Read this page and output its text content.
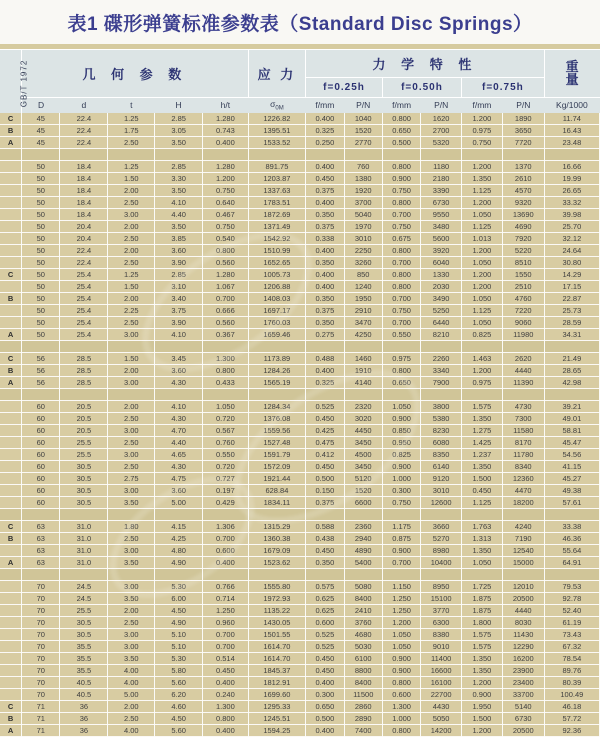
表1 碟形弹簧标准参数表（Standard Disc Springs）
GB/T 1972	几 何 参 数					应 力	力 学 特 性						重
量

							f=0.25h		f=0.50h		f=0.75h		
	D	d	t	H	h/t	$\sigma_{0M}$	f/mm	P/N	f/mm	P/N	f/mm	P/N	Kg/1000
C	45	22.4	1.25	2.85	1.280	1226.82	0.400	1040	0.800	1620	1.200	1890	11.74
B	45	22.4	1.75	3.05	0.743	1395.51	0.325	1520	0.650	2700	0.975	3650	16.43
A	45	22.4	2.50	3.50	0.400	1533.52	0.250	2770	0.500	5320	0.750	7720	23.48

	50	18.4	1.25	2.85	1.280	891.75	0.400	760	0.800	1180	1.200	1370	16.66
	50	18.4	1.50	3.30	1.200	1203.87	0.450	1380	0.900	2180	1.350	2610	19.99
	50	18.4	2.00	3.50	0.750	1337.63	0.375	1920	0.750	3390	1.125	4570	26.65
	50	18.4	2.50	4.10	0.640	1783.51	0.400	3700	0.800	6730	1.200	9320	33.32
	50	18.4	3.00	4.40	0.467	1872.69	0.350	5040	0.700	9550	1.050	13690	39.98
	50	20.4	2.00	3.50	0.750	1371.49	0.375	1970	0.750	3480	1.125	4690	25.70
	50	20.4	2.50	3.85	0.540	1542.92	0.338	3010	0.675	5600	1.013	7920	32.12
	50	22.4	2.00	3.60	0.800	1510.99	0.400	2250	0.800	3920	1.200	5220	24.64
	50	22.4	2.50	3.90	0.560	1652.65	0.350	3260	0.700	6040	1.050	8510	30.80
C	50	25.4	1.25	2.85	1.280	1005.73	0.400	850	0.800	1330	1.200	1550	14.29
	50	25.4	1.50	3.10	1.067	1206.88	0.400	1240	0.800	2030	1.200	2510	17.15
B	50	25.4	2.00	3.40	0.700	1408.03	0.350	1950	0.700	3490	1.050	4760	22.87
	50	25.4	2.25	3.75	0.666	1697.17	0.375	2910	0.750	5250	1.125	7220	25.73
	50	25.4	2.50	3.90	0.560	1760.03	0.350	3470	0.700	6440	1.050	9060	28.59
A	50	25.4	3.00	4.10	0.367	1659.46	0.275	4250	0.550	8210	0.825	11980	34.31

C	56	28.5	1.50	3.45	1.300	1173.89	0.488	1460	0.975	2260	1.463	2620	21.49
B	56	28.5	2.00	3.60	0.800	1284.26	0.400	1910	0.800	3340	1.200	4440	28.65
A	56	28.5	3.00	4.30	0.433	1565.19	0.325	4140	0.650	7900	0.975	11390	42.98

	60	20.5	2.00	4.10	1.050	1284.34	0.525	2320	1.050	3800	1.575	4730	39.21
	60	20.5	2.50	4.30	0.720	1376.08	0.450	3020	0.900	5380	1.350	7300	49.01
	60	20.5	3.00	4.70	0.567	1559.56	0.425	4450	0.850	8230	1.275	11580	58.81
	60	25.5	2.50	4.40	0.760	1527.48	0.475	3450	0.950	6080	1.425	8170	45.47
	60	25.5	3.00	4.65	0.550	1591.79	0.412	4500	0.825	8350	1.237	11780	54.56
	60	30.5	2.50	4.30	0.720	1572.09	0.450	3450	0.900	6140	1.350	8340	41.15
	60	30.5	2.75	4.75	0.727	1921.44	0.500	5120	1.000	9120	1.500	12360	45.27
	60	30.5	3.00	3.60	0.197	628.84	0.150	1520	0.300	3010	0.450	4470	49.38
	60	30.5	3.50	5.00	0.429	1834.11	0.375	6600	0.750	12600	1.125	18200	57.61

C	63	31.0	1.80	4.15	1.306	1315.29	0.588	2360	1.175	3660	1.763	4240	33.38
B	63	31.0	2.50	4.25	0.700	1360.38	0.438	2940	0.875	5270	1.313	7190	46.36
	63	31.0	3.00	4.80	0.600	1679.09	0.450	4890	0.900	8980	1.350	12540	55.64
A	63	31.0	3.50	4.90	0.400	1523.62	0.350	5400	0.700	10400	1.050	15000	64.91

	70	24.5	3.00	5.30	0.766	1555.80	0.575	5080	1.150	8950	1.725	12010	79.53
	70	24.5	3.50	6.00	0.714	1972.93	0.625	8400	1.250	15100	1.875	20500	92.78
	70	25.5	2.00	4.50	1.250	1135.22	0.625	2410	1.250	3770	1.875	4440	52.40
	70	30.5	2.50	4.90	0.960	1430.05	0.600	3760	1.200	6300	1.800	8030	61.19
	70	30.5	3.00	5.10	0.700	1501.55	0.525	4680	1.050	8380	1.575	11430	73.43
	70	35.5	3.00	5.10	0.700	1614.70	0.525	5030	1.050	9010	1.575	12290	67.32
	70	35.5	3.50	5.30	0.514	1614.70	0.450	6100	0.900	11400	1.350	16200	78.54
	70	35.5	4.00	5.80	0.450	1845.37	0.450	8800	0.900	16600	1.350	23900	89.76
	70	40.5	4.00	5.60	0.400	1812.91	0.400	8400	0.800	16100	1.200	23400	80.39
	70	40.5	5.00	6.20	0.240	1699.60	0.300	11500	0.600	22700	0.900	33700	100.49
C	71	36	2.00	4.60	1.300	1295.33	0.650	2860	1.300	4430	1.950	5140	46.18
B	71	36	2.50	4.50	0.800	1245.51	0.500	2890	1.000	5050	1.500	6730	57.72
A	71	36	4.00	5.60	0.400	1594.25	0.400	7400	0.800	14200	1.200	20500	92.36
